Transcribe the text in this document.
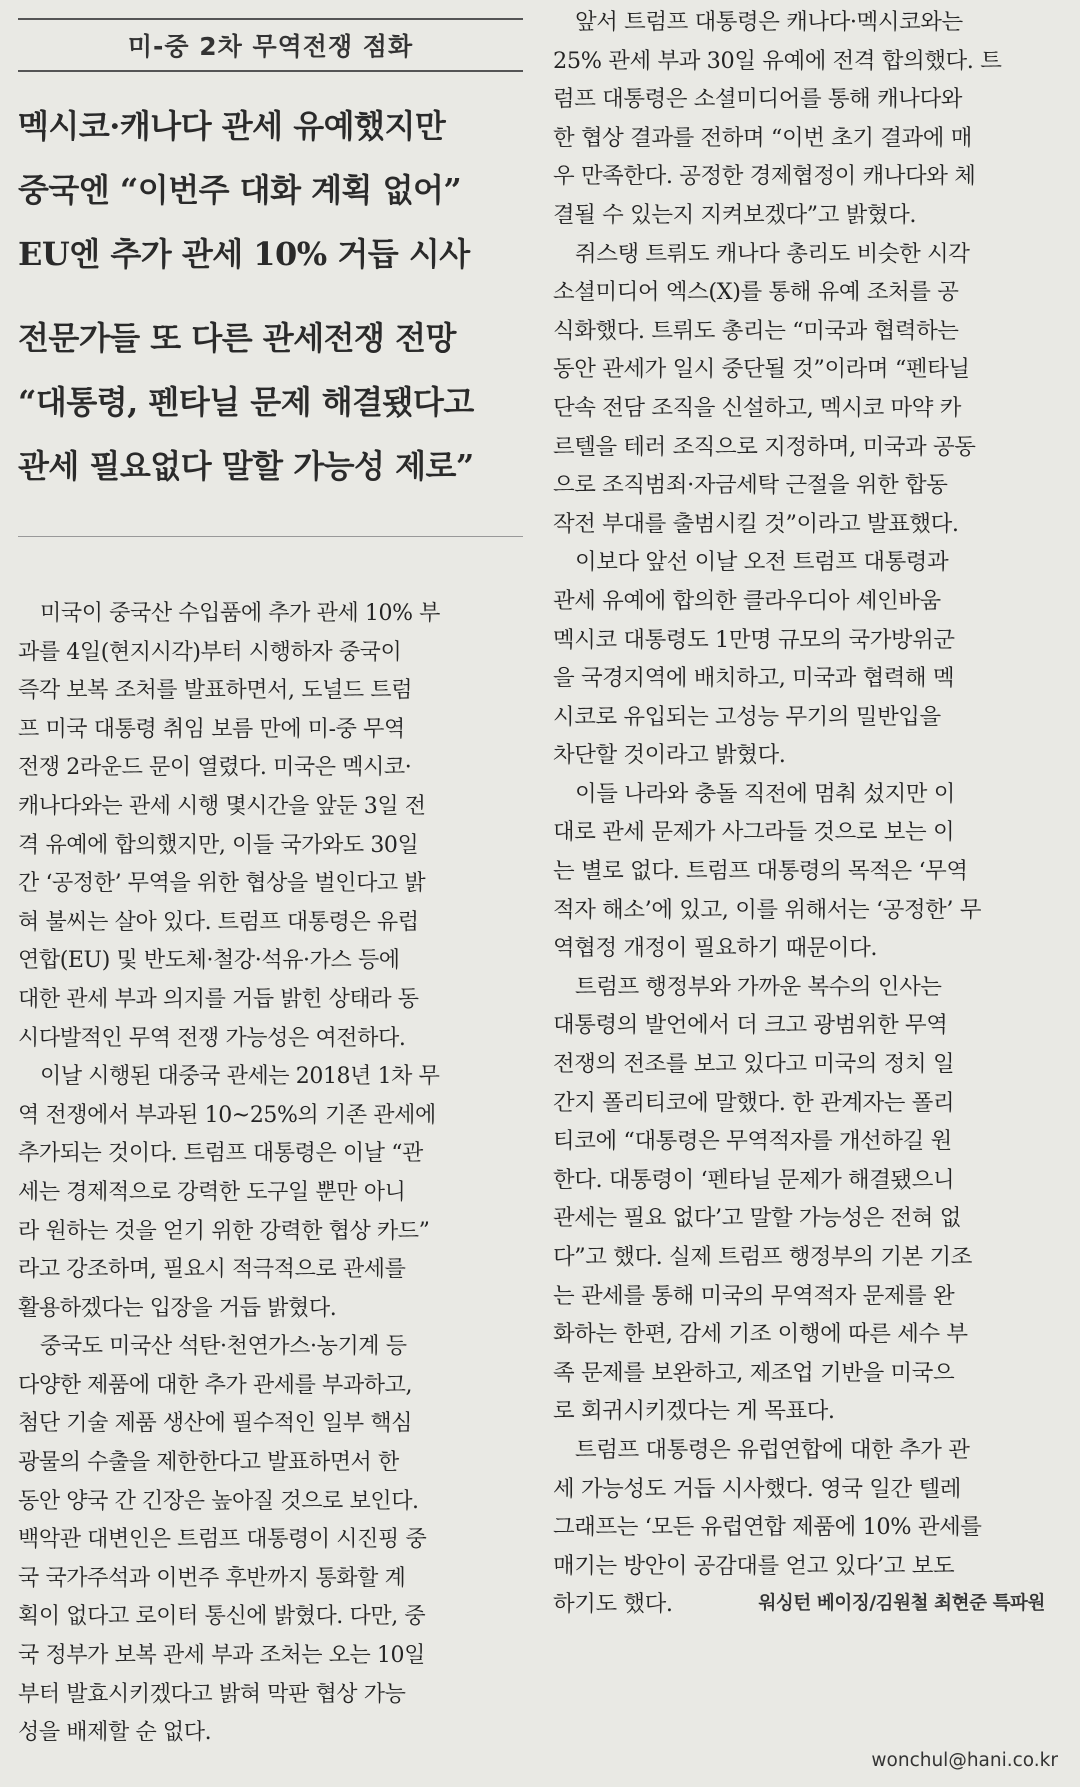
미-중 2차 무역전쟁 점화
멕시코·캐나다 관세 유예했지만
중국엔 “이번주 대화 계획 없어”
EU엔 추가 관세 10% 거듭 시사
전문가들 또 다른 관세전쟁 전망
“대통령, 펜타닐 문제 해결됐다고
관세 필요없다 말할 가능성 제로”
미국이 중국산 수입품에 추가 관세 10% 부
과를 4일(현지시각)부터 시행하자 중국이
즉각 보복 조처를 발표하면서, 도널드 트럼
프 미국 대통령 취임 보름 만에 미-중 무역
전쟁 2라운드 문이 열렸다. 미국은 멕시코·
캐나다와는 관세 시행 몇시간을 앞둔 3일 전
격 유예에 합의했지만, 이들 국가와도 30일
간 ‘공정한’ 무역을 위한 협상을 벌인다고 밝
혀 불씨는 살아 있다. 트럼프 대통령은 유럽
연합(EU) 및 반도체·철강·석유·가스 등에
대한 관세 부과 의지를 거듭 밝힌 상태라 동
시다발적인 무역 전쟁 가능성은 여전하다.
이날 시행된 대중국 관세는 2018년 1차 무
역 전쟁에서 부과된 10~25%의 기존 관세에
추가되는 것이다. 트럼프 대통령은 이날 “관
세는 경제적으로 강력한 도구일 뿐만 아니
라 원하는 것을 얻기 위한 강력한 협상 카드”
라고 강조하며, 필요시 적극적으로 관세를
활용하겠다는 입장을 거듭 밝혔다.
중국도 미국산 석탄·천연가스·농기계 등
다양한 제품에 대한 추가 관세를 부과하고,
첨단 기술 제품 생산에 필수적인 일부 핵심
광물의 수출을 제한한다고 발표하면서 한
동안 양국 간 긴장은 높아질 것으로 보인다.
백악관 대변인은 트럼프 대통령이 시진핑 중
국 국가주석과 이번주 후반까지 통화할 계
획이 없다고 로이터 통신에 밝혔다. 다만, 중
국 정부가 보복 관세 부과 조처는 오는 10일
부터 발효시키겠다고 밝혀 막판 협상 가능
성을 배제할 순 없다.
앞서 트럼프 대통령은 캐나다·멕시코와는
25% 관세 부과 30일 유예에 전격 합의했다. 트
럼프 대통령은 소셜미디어를 통해 캐나다와
한 협상 결과를 전하며 “이번 초기 결과에 매
우 만족한다. 공정한 경제협정이 캐나다와 체
결될 수 있는지 지켜보겠다”고 밝혔다.
쥐스탱 트뤼도 캐나다 총리도 비슷한 시각
소셜미디어 엑스(X)를 통해 유예 조처를 공
식화했다. 트뤼도 총리는 “미국과 협력하는
동안 관세가 일시 중단될 것”이라며 “펜타닐
단속 전담 조직을 신설하고, 멕시코 마약 카
르텔을 테러 조직으로 지정하며, 미국과 공동
으로 조직범죄·자금세탁 근절을 위한 합동
작전 부대를 출범시킬 것”이라고 발표했다.
이보다 앞선 이날 오전 트럼프 대통령과
관세 유예에 합의한 클라우디아 셰인바움
멕시코 대통령도 1만명 규모의 국가방위군
을 국경지역에 배치하고, 미국과 협력해 멕
시코로 유입되는 고성능 무기의 밀반입을
차단할 것이라고 밝혔다.
이들 나라와 충돌 직전에 멈춰 섰지만 이
대로 관세 문제가 사그라들 것으로 보는 이
는 별로 없다. 트럼프 대통령의 목적은 ‘무역
적자 해소’에 있고, 이를 위해서는 ‘공정한’ 무
역협정 개정이 필요하기 때문이다.
트럼프 행정부와 가까운 복수의 인사는
대통령의 발언에서 더 크고 광범위한 무역
전쟁의 전조를 보고 있다고 미국의 정치 일
간지 폴리티코에 말했다. 한 관계자는 폴리
티코에 “대통령은 무역적자를 개선하길 원
한다. 대통령이 ‘펜타닐 문제가 해결됐으니
관세는 필요 없다’고 말할 가능성은 전혀 없
다”고 했다. 실제 트럼프 행정부의 기본 기조
는 관세를 통해 미국의 무역적자 문제를 완
화하는 한편, 감세 기조 이행에 따른 세수 부
족 문제를 보완하고, 제조업 기반을 미국으
로 회귀시키겠다는 게 목표다.
트럼프 대통령은 유럽연합에 대한 추가 관
세 가능성도 거듭 시사했다. 영국 일간 텔레
그래프는 ‘모든 유럽연합 제품에 10% 관세를
매기는 방안이 공감대를 얻고 있다’고 보도
하기도 했다.	워싱턴 베이징/김원철 최현준 특파원
wonchul@hani.co.kr
